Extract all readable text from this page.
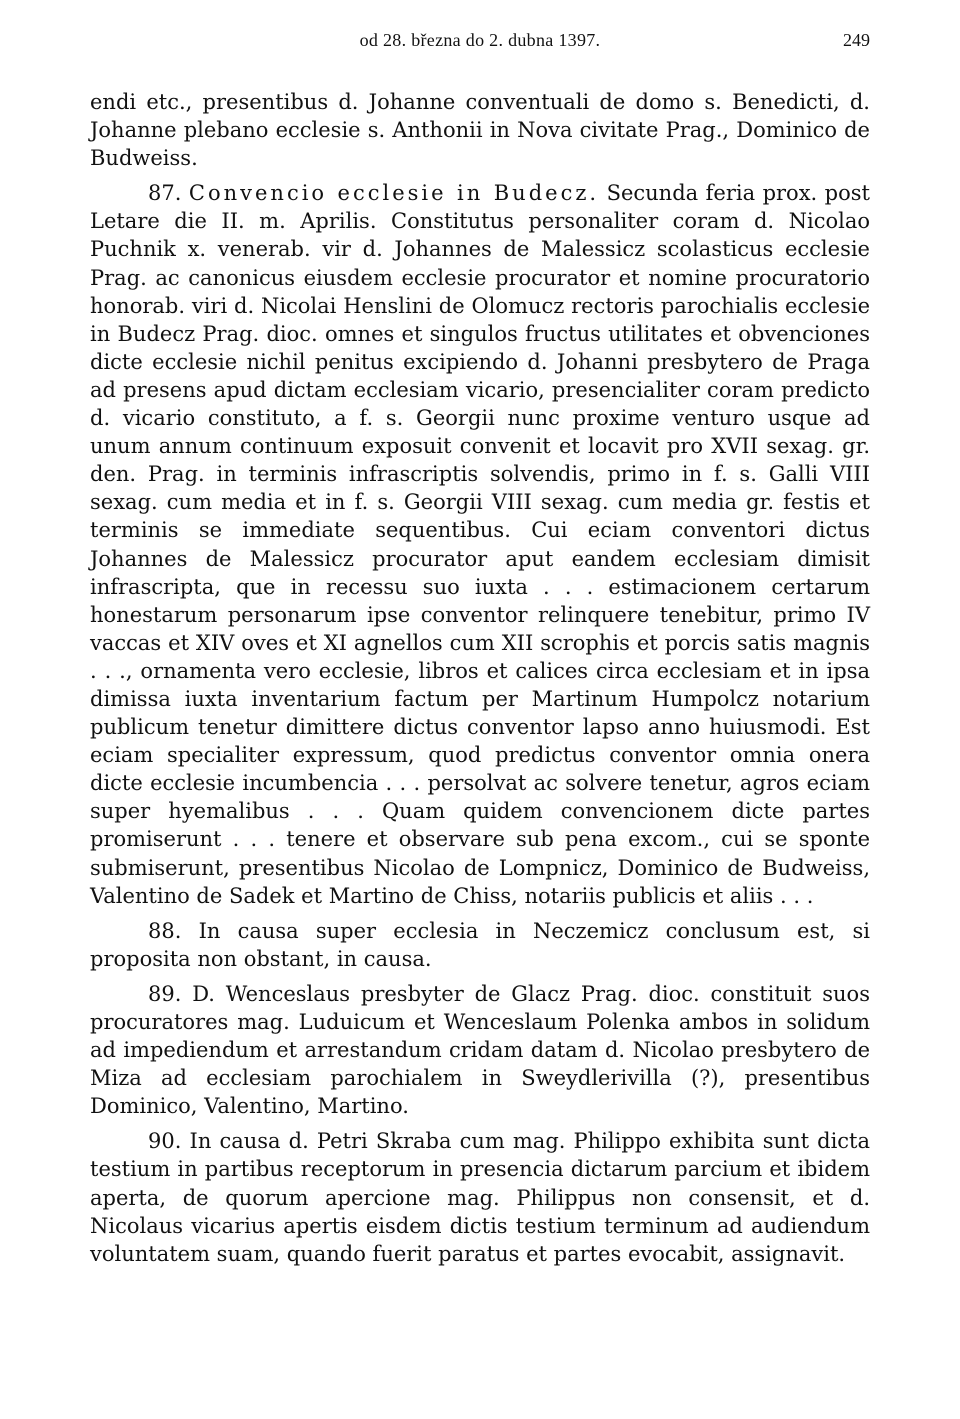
od 28. března do 2. dubna 1397.	249

endi etc., presentibus d. Johanne conventuali de domo s. Benedicti, d. Johanne plebano ecclesie s. Anthonii in Nova civitate Prag., Dominico de Budweiss.

87. Convencio ecclesie in Budecz. Secunda feria prox. post Letare die II. m. Aprilis. Constitutus personaliter coram d. Nicolao Puchnik x. venerab. vir d. Johannes de Malessicz scolasticus ecclesie Prag. ac canonicus eiusdem ecclesie procurator et nomine procuratorio honorab. viri d. Nicolai Henslini de Olomucz rectoris parochialis ecclesie in Budecz Prag. dioc. omnes et singulos fructus utilitates et obvenciones dicte ecclesie nichil penitus excipiendo d. Johanni presbytero de Praga ad presens apud dictam ecclesiam vicario, presencialiter coram predicto d. vicario constituto, a f. s. Georgii nunc proxime venturo usque ad unum annum continuum exposuit convenit et locavit pro XVII sexag. gr. den. Prag. in terminis infrascriptis solvendis, primo in f. s. Galli VIII sexag. cum media et in f. s. Georgii VIII sexag. cum media gr. festis et terminis se immediate sequentibus. Cui eciam conventori dictus Johannes de Malessicz procurator aput eandem ecclesiam dimisit infrascripta, que in recessu suo iuxta . . . estimacionem certarum honestarum personarum ipse conventor relinquere tenebitur, primo IV vaccas et XIV oves et XI agnellos cum XII scrophis et porcis satis magnis . . ., ornamenta vero ecclesie, libros et calices circa ecclesiam et in ipsa dimissa iuxta inventarium factum per Martinum Humpolcz notarium publicum tenetur dimittere dictus conventor lapso anno huiusmodi. Est eciam specialiter expressum, quod predictus conventor omnia onera dicte ecclesie incumbencia . . . persolvat ac solvere tenetur, agros eciam super hyemalibus . . . Quam quidem convencionem dicte partes promiserunt . . . tenere et observare sub pena excom., cui se sponte submiserunt, presentibus Nicolao de Lompnicz, Dominico de Budweiss, Valentino de Sadek et Martino de Chiss, notariis publicis et aliis . . .

88. In causa super ecclesia in Neczemicz conclusum est, si proposita non obstant, in causa.

89. D. Wenceslaus presbyter de Glacz Prag. dioc. constituit suos procuratores mag. Luduicum et Wenceslaum Polenka ambos in solidum ad impediendum et arrestandum cridam datam d. Nicolao presbytero de Miza ad ecclesiam parochialem in Sweydlerivilla (?), presentibus Dominico, Valentino, Martino.

90. In causa d. Petri Skraba cum mag. Philippo exhibita sunt dicta testium in partibus receptorum in presencia dictarum parcium et ibidem aperta, de quorum apercione mag. Philippus non consensit, et d. Nicolaus vicarius apertis eisdem dictis testium terminum ad audiendum voluntatem suam, quando fuerit paratus et partes evocabit, assignavit.
